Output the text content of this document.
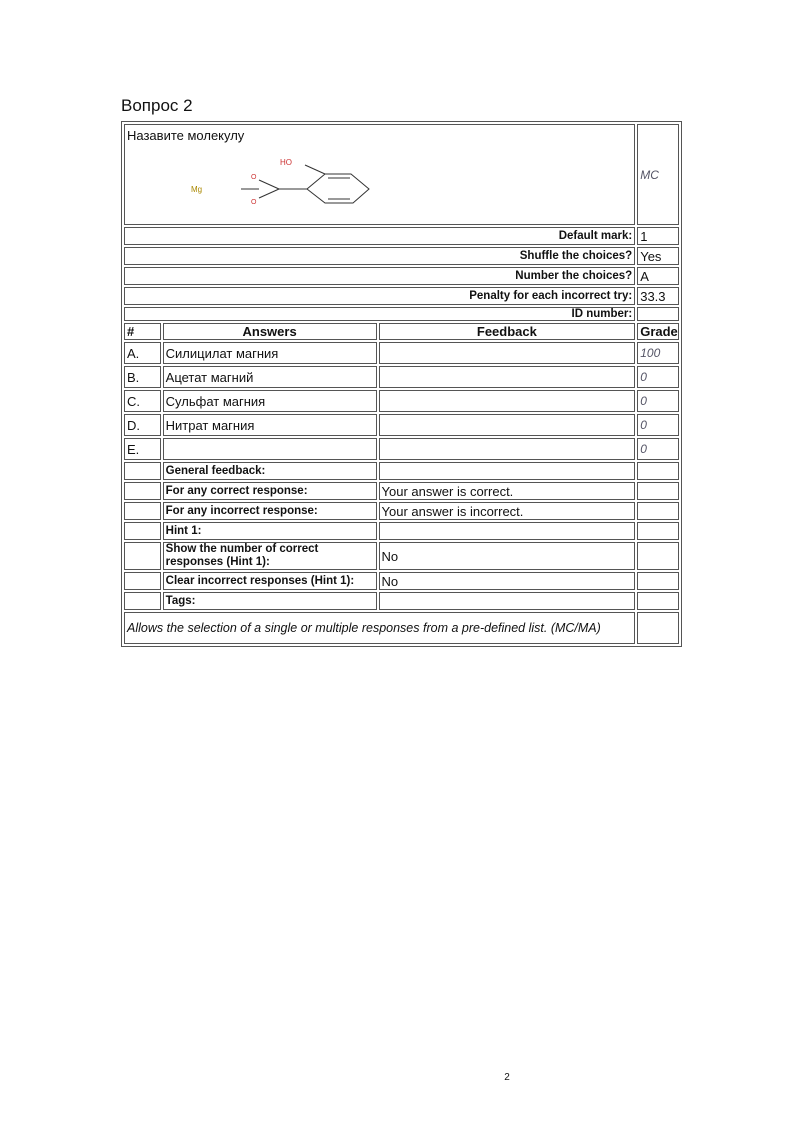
Вопрос 2
Назавите молекулу
HO
O
O
Mg			MC
Default mark:			1
Shuffle the choices?			Yes
Number the choices?			A
Penalty for each incorrect try:			33.3
ID number:			
#	Answers	Feedback	Grade
A.	Силицилат магния		100
B.	Ацетат магний		0
C.	Сульфат магния		0
D.	Нитрат магния		0
E.			0
	General feedback:		
	For any correct response:	Your answer is correct.	
	For any incorrect response:	Your answer is incorrect.	
	Hint 1:		
	Show the number of correct responses (Hint 1):	No	
	Clear incorrect responses (Hint 1):	No	
	Tags:		
Allows the selection of a single or multiple responses from a pre-defined list. (MC/MA)			
2
